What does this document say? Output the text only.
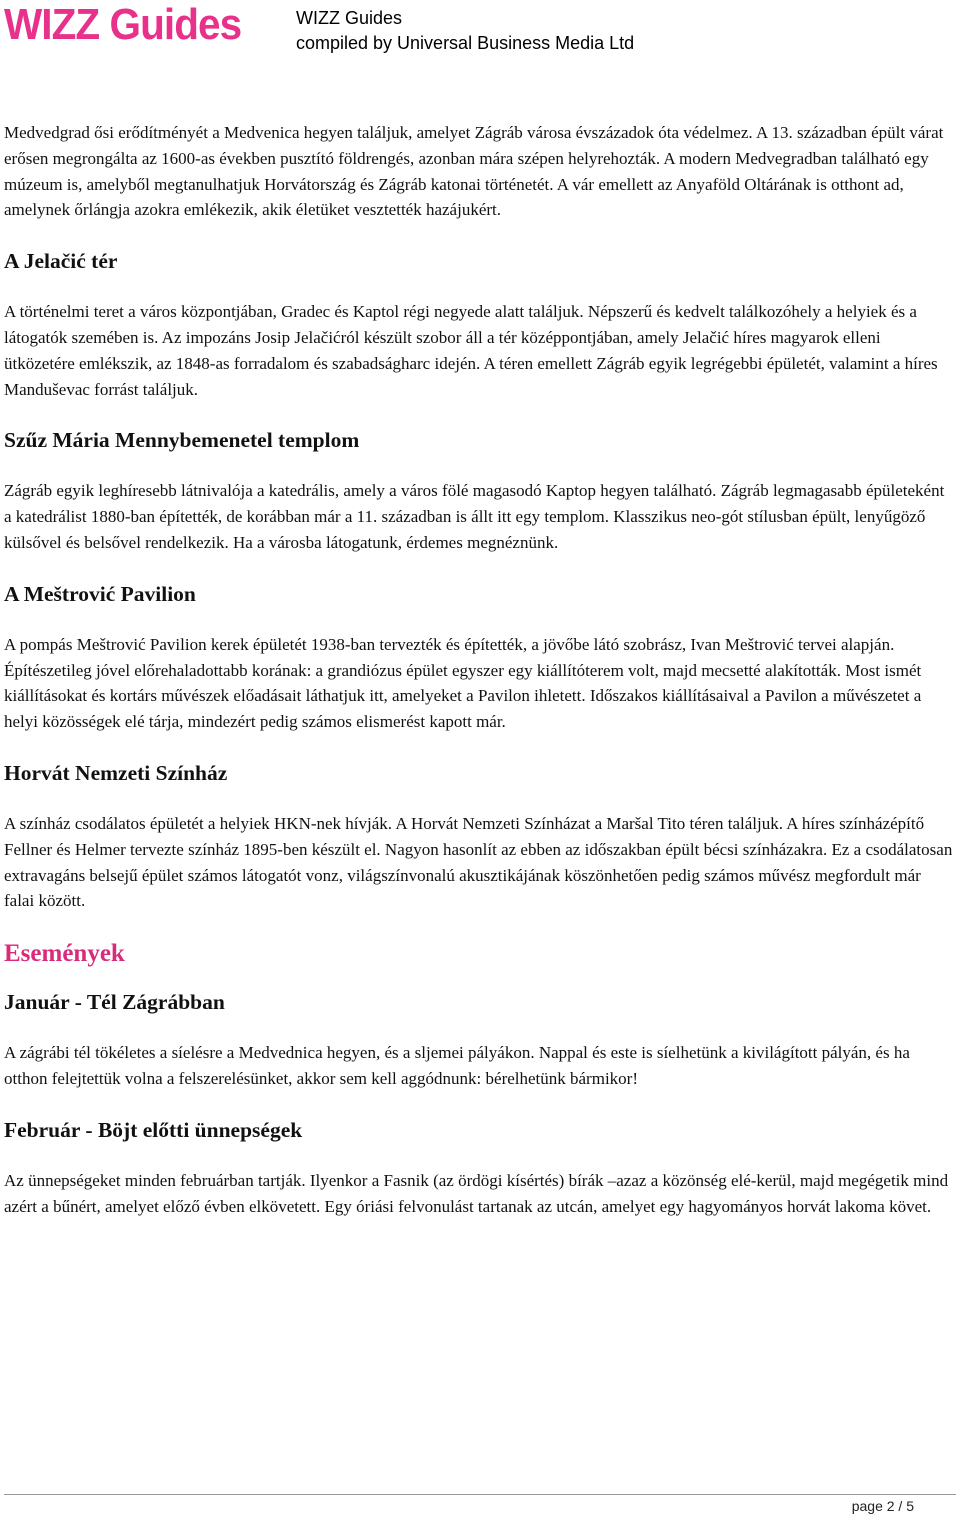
WIZZ Guides	WIZZ Guides
compiled by Universal Business Media Ltd

Medvedgrad ősi erődítményét a Medvenica hegyen találjuk, amelyet Zágráb városa évszázadok óta védelmez. A 13. században épült várat erősen megrongálta az 1600-as években pusztító földrengés, azonban mára szépen helyrehozták. A modern Medvegradban található egy múzeum is, amelyből megtanulhatjuk Horvátország és Zágráb katonai történetét. A vár emellett az Anyaföld Oltárának is otthont ad, amelynek őrlángja azokra emlékezik, akik életüket vesztették hazájukért.

A Jelačić tér

A történelmi teret a város központjában, Gradec és Kaptol régi negyede alatt találjuk. Népszerű és kedvelt találkozóhely a helyiek és a látogatók szemében is. Az impozáns Josip Jelačićról készült szobor áll a tér középpontjában, amely Jelačić híres magyarok elleni ütközetére emlékszik, az 1848-as forradalom és szabadságharc idején. A téren emellett Zágráb egyik legrégebbi épületét, valamint a híres Manduševac forrást találjuk.

Szűz Mária Mennybemenetel templom

Zágráb egyik leghíresebb látnivalója a katedrális, amely a város fölé magasodó Kaptop hegyen található. Zágráb legmagasabb épületeként a katedrálist 1880-ban építették, de korábban már a 11. században is állt itt egy templom. Klasszikus neo-gót stílusban épült, lenyűgöző külsővel és belsővel rendelkezik. Ha a városba látogatunk, érdemes megnéznünk.

A Meštrović Pavilion

A pompás Meštrović Pavilion kerek épületét 1938-ban tervezték és építették, a jövőbe látó szobrász, Ivan Meštrović tervei alapján. Építészetileg jóvel előrehaladottabb korának: a grandiózus épület egyszer egy kiállítóterem volt, majd mecsetté alakították. Most ismét kiállításokat és kortárs művészek előadásait láthatjuk itt, amelyeket a Pavilon ihletett. Időszakos kiállításaival a Pavilon a művészetet a helyi közösségek elé tárja, mindezért pedig számos elismerést kapott már.

Horvát Nemzeti Színház

A színház csodálatos épületét a helyiek HKN-nek hívják. A Horvát Nemzeti Színházat a Maršal Tito téren találjuk. A híres színházépítő Fellner és Helmer tervezte színház 1895-ben készült el. Nagyon hasonlít az ebben az időszakban épült bécsi színházakra. Ez a csodálatosan extravagáns belsejű épület számos látogatót vonz, világszínvonalú akusztikájának köszönhetően pedig számos művész megfordult már falai között.

Események
Január - Tél Zágrábban

A zágrábi tél tökéletes a síelésre a Medvednica hegyen, és a sljemei pályákon. Nappal és este is síelhetünk a kivilágított pályán, és ha otthon felejtettük volna a felszerelésünket, akkor sem kell aggódnunk: bérelhetünk bármikor!

Február - Böjt előtti ünnepségek

Az ünnepségeket minden februárban tartják. Ilyenkor a Fasnik (az ördögi kísértés) bírák –azaz a közönség elé-kerül, majd megégetik mind azért a bűnért, amelyet előző évben elkövetett. Egy óriási felvonulást tartanak az utcán, amelyet egy hagyományos horvát lakoma követ.

page 2 / 5
